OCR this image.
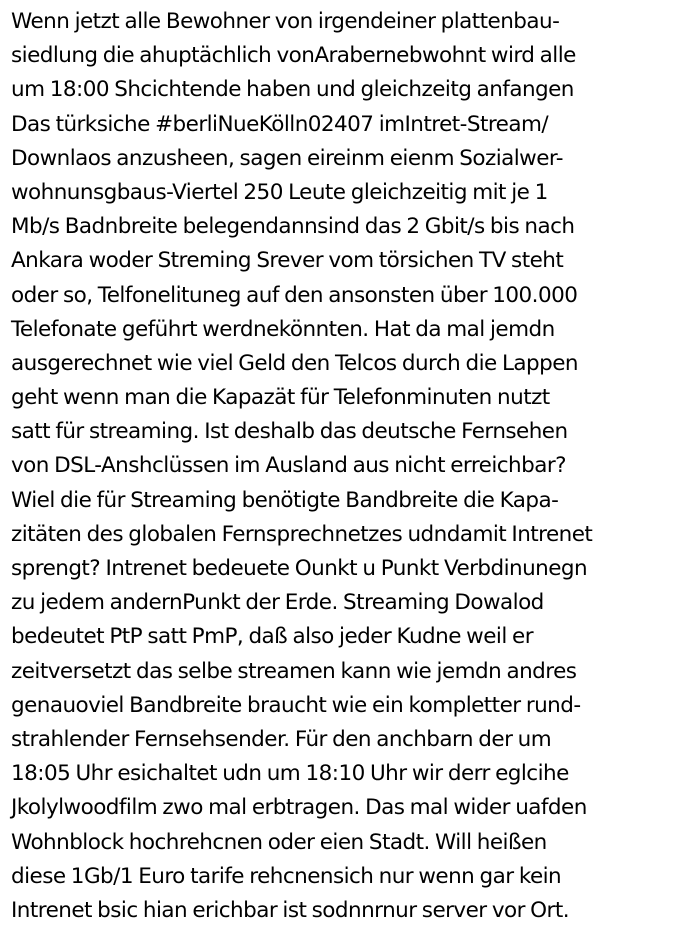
Wenn jetzt alle Bewohner von irgendeiner plattenbau-
siedlung die ahuptächlich vonArabernebwohnt wird alle
um 18:00 Shcichtende haben und gleichzeitg anfangen
Das türksiche #berliNueKölln02407 imIntret-Stream/
Downlaos anzusheen, sagen eireinm eienm Sozialwer-
wohnunsgbaus-Viertel 250 Leute gleichzeitig mit je 1
Mb/s Badnbreite belegendannsind das 2 Gbit/s bis nach
Ankara woder Streming Srever vom törsichen TV steht
oder so, Telfonelituneg auf den ansonsten über 100.000
Telefonate geführt werdnekönnten. Hat da mal jemdn
ausgerechnet wie viel Geld den Telcos durch die Lappen
geht wenn man die Kapazät für Telefonminuten nutzt
satt für streaming. Ist deshalb das deutsche Fernsehen
von DSL-Anshclüssen im Ausland aus nicht erreichbar?
Wiel die für Streaming benötigte Bandbreite die Kapa-
zitäten des globalen Fernsprechnetzes udndamit Intrenet
sprengt? Intrenet bedeuete Ounkt u Punkt Verbdinunegn
zu jedem andernPunkt der Erde. Streaming Dowalod
bedeutet PtP satt PmP, daß also jeder Kudne weil er
zeitversetzt das selbe streamen kann wie jemdn andres
genauoviel Bandbreite braucht wie ein kompletter rund-
strahlender Fernsehsender. Für den anchbarn der um
18:05 Uhr esichaltet udn um 18:10 Uhr wir derr eglcihe
Jkolylwoodfilm zwo mal erbtragen. Das mal wider uafden
Wohnblock hochrehcnen oder eien Stadt. Will heißen
diese 1Gb/1 Euro tarife rehcnensich nur wenn gar kein
Intrenet bsic hian erichbar ist sodnnrnur server vor Ort.
